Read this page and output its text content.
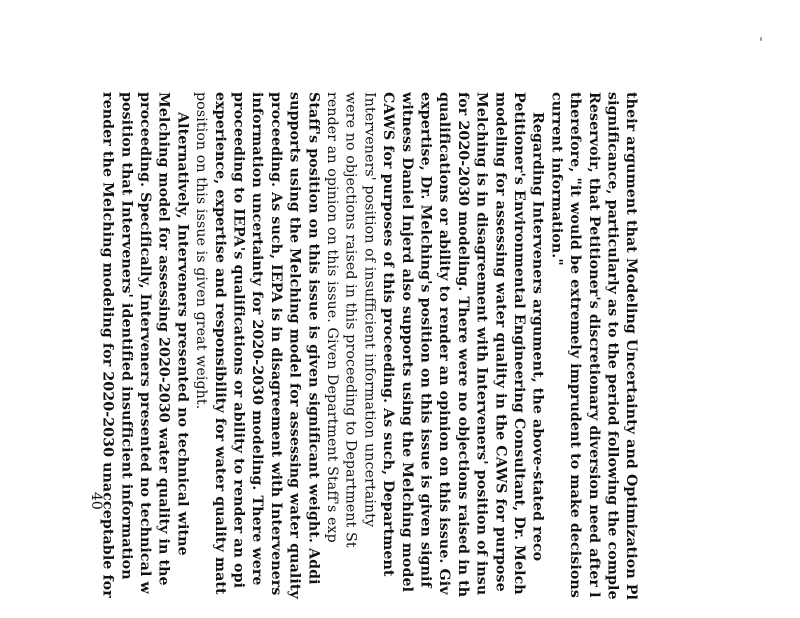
their argument that Modeling Uncertainty and Optimization Pl
significance, particularly as to the period following the comple
Reservoir, that Petitioner's discretionary diversion need after l
therefore, "it would be extremely imprudent to make decisions
current information."
Regarding Interveners argument, the above-stated reco
Petitioner's Environmental Engineering Consultant, Dr. Melch
modeling for assessing water quality in the CAWS for purpose
Melching is in disagreement with Interveners' position of insu
for 2020-2030 modeling. There were no objections raised in th
qualifications or ability to render an opinion on this issue. Giv
expertise, Dr. Melching's position on this issue is given signif
witness Daniel Injerd also supports using the Melching model
CAWS for purposes of this proceeding. As such, Department
Interveners' position of insufficient information uncertainty
were no objections raised in this proceeding to Department St
render an opinion on this issue. Given Department Staff's exp
Staff's position on this issue is given significant weight. Addi
supports using the Melching model for assessing water quality
proceeding. As such, IEPA is in disagreement with Interveners
information uncertainty for 2020-2030 modeling. There were
proceeding to IEPA's qualifications or ability to render an opi
experience, expertise and responsibility for water quality matt
position on this issue is given great weight.
Alternatively, Interveners presented no technical witne
Melching model for assessing 2020-2030 water quality in the
proceeding. Specifically, Interveners presented no technical w
position that Interveners' identified insufficient information
render the Melching modeling for 2020-2030 unacceptable for
40
